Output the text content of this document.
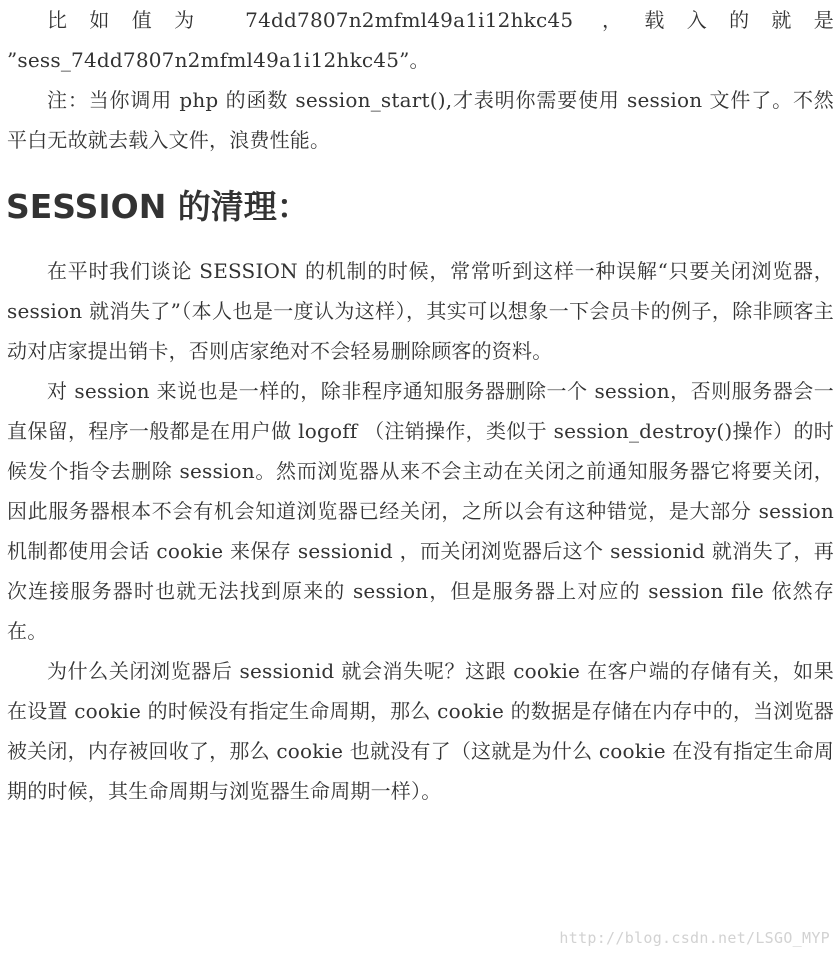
比如值为 74dd7807n2mfml49a1i12hkc45 ，载入的就是 ”sess_74dd7807n2mfml49a1i12hkc45”。

注：当你调用 php 的函数 session_start(),才表明你需要使用 session 文件了。不然平白无故就去载入文件，浪费性能。

SESSION 的清理：

在平时我们谈论 SESSION 的机制的时候，常常听到这样一种误解“只要关闭浏览器，session 就消失了”（本人也是一度认为这样），其实可以想象一下会员卡的例子，除非顾客主动对店家提出销卡，否则店家绝对不会轻易删除顾客的资料。

对 session 来说也是一样的，除非程序通知服务器删除一个 session，否则服务器会一直保留，程序一般都是在用户做 logoff （注销操作，类似于 session_destroy()操作）的时候发个指令去删除 session。然而浏览器从来不会主动在关闭之前通知服务器它将要关闭，因此服务器根本不会有机会知道浏览器已经关闭，之所以会有这种错觉，是大部分 session 机制都使用会话 cookie 来保存 sessionid ，而关闭浏览器后这个 sessionid 就消失了，再次连接服务器时也就无法找到原来的 session，但是服务器上对应的 session file 依然存在。

为什么关闭浏览器后 sessionid 就会消失呢？这跟 cookie 在客户端的存储有关，如果在设置 cookie 的时候没有指定生命周期，那么 cookie 的数据是存储在内存中的，当浏览器被关闭，内存被回收了，那么 cookie 也就没有了（这就是为什么 cookie 在没有指定生命周期的时候，其生命周期与浏览器生命周期一样）。

http://blog.csdn.net/LSGO_MYP
